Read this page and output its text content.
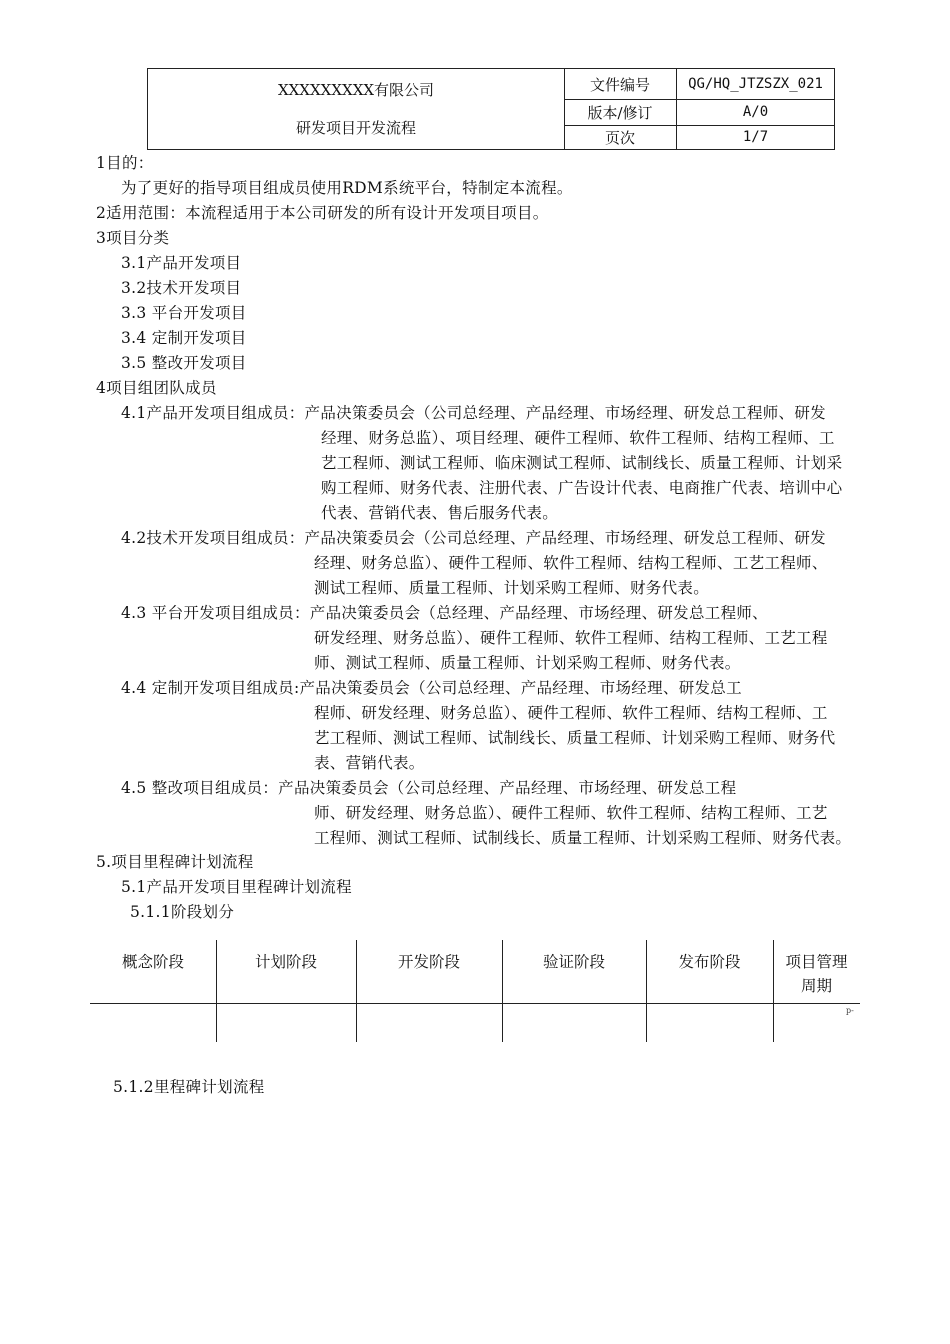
XXXXXXXXX有限公司
研发项目开发流程
文件编号	QG/HQ_JTZSZX_021
版本/修订	A/0
页次	1/7
1目的：
为了更好的指导项目组成员使用RDM系统平台，特制定本流程。
2适用范围：本流程适用于本公司研发的所有设计开发项目项目。
3项目分类
3.1产品开发项目
3.2技术开发项目
3.3 平台开发项目
3.4 定制开发项目
3.5 整改开发项目
4项目组团队成员
4.1产品开发项目组成员：产品决策委员会（公司总经理、产品经理、市场经理、研发总工程师、研发
经理、财务总监）、项目经理、硬件工程师、软件工程师、结构工程师、工
艺工程师、测试工程师、临床测试工程师、试制线长、质量工程师、计划采
购工程师、财务代表、注册代表、广告设计代表、电商推广代表、培训中心
代表、营销代表、售后服务代表。
4.2技术开发项目组成员：产品决策委员会（公司总经理、产品经理、市场经理、研发总工程师、研发
经理、财务总监）、硬件工程师、软件工程师、结构工程师、工艺工程师、
测试工程师、质量工程师、计划采购工程师、财务代表。
4.3 平台开发项目组成员：产品决策委员会（总经理、产品经理、市场经理、研发总工程师、
研发经理、财务总监）、硬件工程师、软件工程师、结构工程师、工艺工程
师、测试工程师、质量工程师、计划采购工程师、财务代表。
4.4 定制开发项目组成员:产品决策委员会（公司总经理、产品经理、市场经理、研发总工
程师、研发经理、财务总监）、硬件工程师、软件工程师、结构工程师、工
艺工程师、测试工程师、试制线长、质量工程师、计划采购工程师、财务代
表、营销代表。
4.5 整改项目组成员：产品决策委员会（公司总经理、产品经理、市场经理、研发总工程
师、研发经理、财务总监）、硬件工程师、软件工程师、结构工程师、工艺
工程师、测试工程师、试制线长、质量工程师、计划采购工程师、财务代表。
5.项目里程碑计划流程
5.1产品开发项目里程碑计划流程
5.1.1阶段划分
概念阶段	计划阶段	开发阶段	验证阶段	发布阶段	项目管理
周期
p-
5.1.2里程碑计划流程
